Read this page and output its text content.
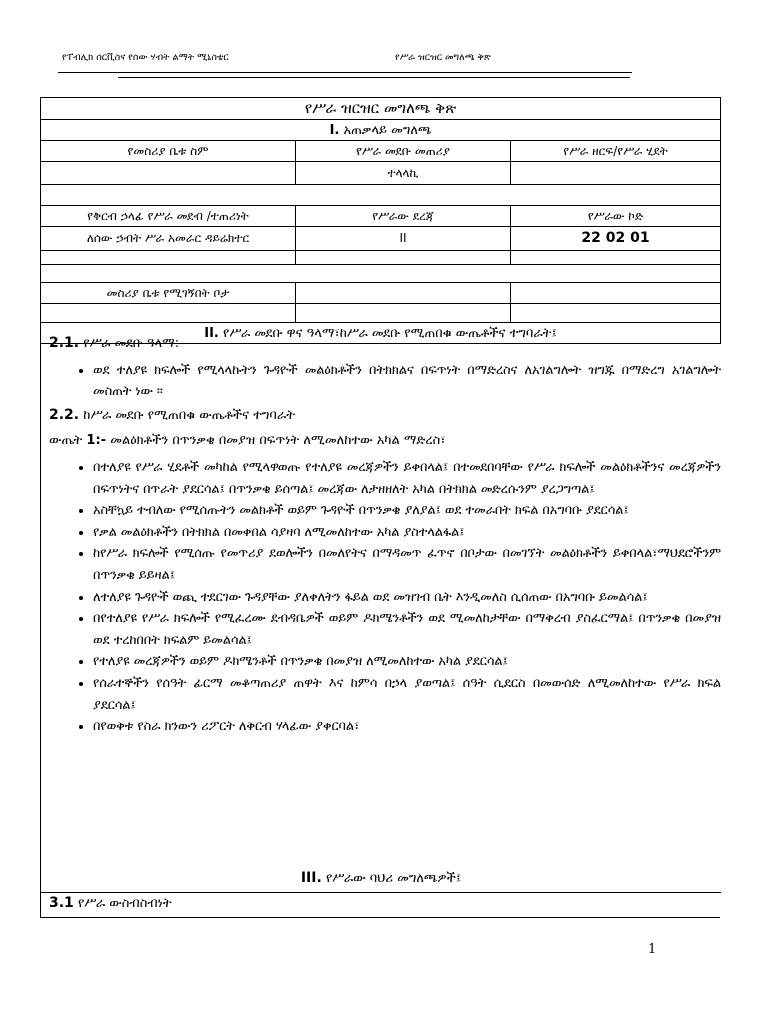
የፐብሊክ ሰርቪስና የሰው ሃብት ልማት ሚኒስቴር	የሥራ ዝርዝር መግለጫ ቅጽ
የሥራ ዝርዝር መግለጫ ቅጽ		
I. አጠቃላይ መግለጫ		
የመስሪያ ቤቱ ስም	የሥራ መደቡ መጠሪያ	የሥራ ዘርፍ/የሥራ ሂደት
	ተላላኪ	

የቅርብ ኃላፊ የሥራ መደብ /ተጠሪነት	የሥራው ደረጃ	የሥራው ኮድ
ለሰው ኃብት ሥራ አመራር ዳይሬክተር	II	22 02 01

መስሪያ ቤቱ የሚገኝበት ቦታ		

II. የሥራ መደቡ ዋና ዓላማ፣ከሥራ መደቡ የሚጠበቁ ውጤቶችና ተግባራት፤		

2.1. የሥራ መደቡ ዓላማ:-

• ወደ ተለያዩ ክፍሎች የሚላላኩትን ጉዳዮች መልዕክቶችን በትክክልና በፍጥነት በማድረስና ለአገልግሎት ዝግጁ በማድረግ አገልግሎት መስጠት ነው ፡፡

2.2. ከሥራ መደቡ የሚጠበቁ ውጤቶችና ተግባራት

ውጤት 1:- መልዕክቶችን በጥንቃቄ በመያዝ በፍጥነት ለሚመለከተው አካል ማድረስ፣

• በተለያዩ የሥራ ሂደቶች መካከል የሚላዋወጡ የተለያዩ መረጃዎችን ይቀበላል፤ በተመደበባቸው የሥራ ክፍሎች መልዕክቶችንና መረጃዎችን በፍጥነትና በጥራት ያደርሳል፤ በጥንቃቄ ይሰጣል፤ መረጃው ለታዘዘለት አካል በትክክል መድረሱንም ያረጋግጣል፤
• አስቸኳይ ተብለው የሚሰጡትን መልክቶች ወይም ጉዳዮች በጥንቃቄ ያለያል፤ ወደ ተመራበት ክፍል በአግባቡ ያደርሳል፤
• የቃል መልዕክቶችን በትክክል በመቀበል ሳያዛባ ለሚመለከተው አካል ያስተላልፋል፤
• ከየሥራ ክፍሎች የሚሰጡ የመጥሪያ ደወሎችን በመለየትና በማዳመጥ ፈጥኖ በቦታው በመገኘት መልዕክቶችን ይቀበላል፣ማህደሮችንም በጥንቃቄ ይይዛል፤
• ለተለያዩ ጉዳዮች ወጪ ተደርገው ጉዳያቸው ያለቀለትን ፋይል ወደ መዝገብ ቤት እንዲመለስ ሲሰጠው በአግባቡ ይመልሳል፤
• በየተለያዩ የሥራ ክፍሎች የሚፈረሙ ደብዳቤዎች ወይም ዶክሜንቶችን ወደ ሚመለከታቸው በማቅረብ ያስፈርማል፤ በጥንቃቄ በመያዝ ወደ ተረከበበት ክፍልም ይመልሳል፤
• የተለያዩ መረጃዎችን ወይም ዶክሜንቶች በጥንቃቄ በመያዝ ለሚመለከተው አካል ያደርሳል፤
• የሰራተኞችን የሰዓት ፊርማ መቆጣጠሪያ ጠዋት እና ከምሳ በኃላ ያወጣል፤ ሰዓት ሲደርስ በመውሰድ ለሚመለከተው የሥራ ክፍል ያደርሳል፤
• በየወቅቱ የስራ ክንውን ሪፖርት ለቅርብ ሃላፊው ያቀርባል፣
III. የሥራው ባህሪ መግለጫዎች፤
3.1 የሥራ ውስብስብነት
1
